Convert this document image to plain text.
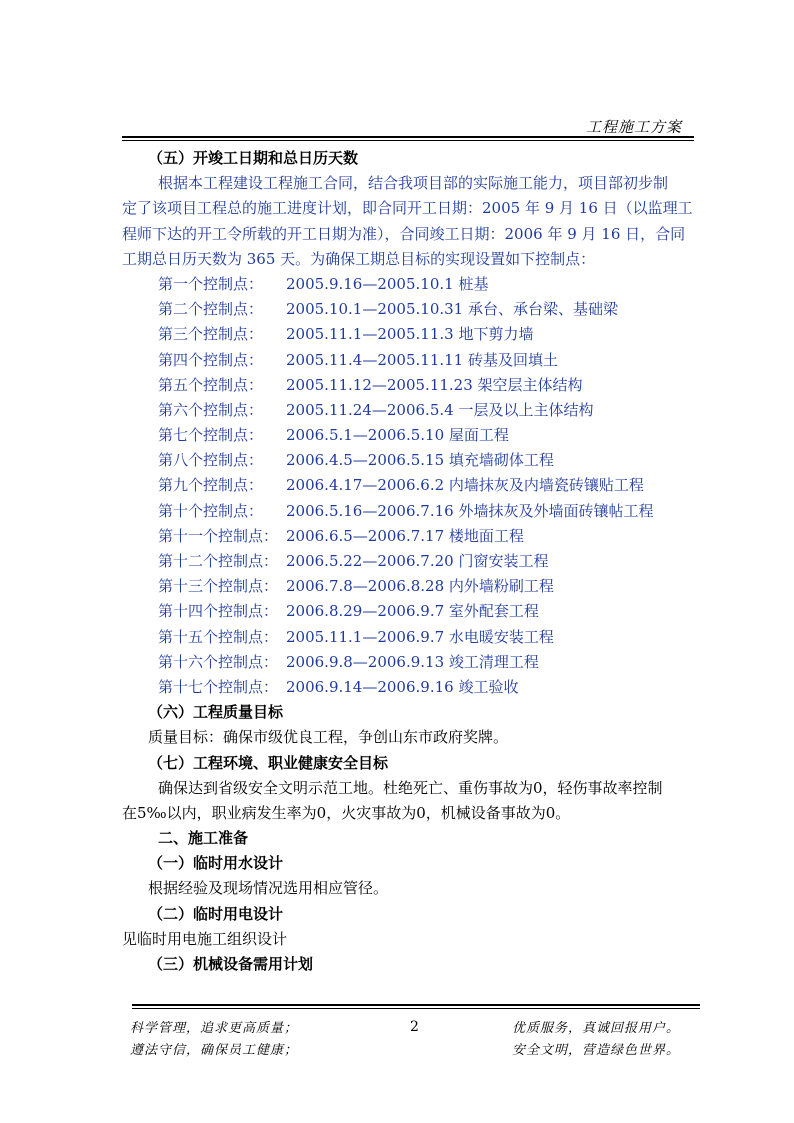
工程施工方案
（五）开竣工日期和总日历天数
根据本工程建设工程施工合同，结合我项目部的实际施工能力，项目部初步制
定了该项目工程总的施工进度计划，即合同开工日期：2005 年 9 月 16 日（以监理工
程师下达的开工令所载的开工日期为准），合同竣工日期：2006 年 9 月 16 日，合同
工期总日历天数为 365 天。为确保工期总目标的实现设置如下控制点：
第一个控制点： 2005.9.16—2005.10.1 桩基
第二个控制点： 2005.10.1—2005.10.31 承台、承台梁、基础梁
第三个控制点： 2005.11.1—2005.11.3 地下剪力墙
第四个控制点： 2005.11.4—2005.11.11 砖基及回填土
第五个控制点： 2005.11.12—2005.11.23 架空层主体结构
第六个控制点： 2005.11.24—2006.5.4 一层及以上主体结构
第七个控制点： 2006.5.1—2006.5.10 屋面工程
第八个控制点： 2006.4.5—2006.5.15 填充墙砌体工程
第九个控制点： 2006.4.17—2006.6.2 内墙抹灰及内墙瓷砖镶贴工程
第十个控制点： 2006.5.16—2006.7.16 外墙抹灰及外墙面砖镶帖工程
第十一个控制点： 2006.6.5—2006.7.17 楼地面工程
第十二个控制点： 2006.5.22—2006.7.20 门窗安装工程
第十三个控制点： 2006.7.8—2006.8.28 内外墙粉刷工程
第十四个控制点： 2006.8.29—2006.9.7 室外配套工程
第十五个控制点： 2005.11.1—2006.9.7 水电暖安装工程
第十六个控制点： 2006.9.8—2006.9.13 竣工清理工程
第十七个控制点： 2006.9.14—2006.9.16 竣工验收
（六）工程质量目标
质量目标：确保市级优良工程，争创山东市政府奖牌。
（七）工程环境、职业健康安全目标
确保达到省级安全文明示范工地。杜绝死亡、重伤事故为0，轻伤事故率控制
在5‰以内，职业病发生率为0，火灾事故为0，机械设备事故为0。
二、施工准备
（一）临时用水设计
根据经验及现场情况选用相应管径。
（二）临时用电设计
见临时用电施工组织设计
（三）机械设备需用计划
科学管理，追求更高质量；
遵法守信，确保员工健康；
2	优质服务，真诚回报用户。
安全文明，营造绿色世界。
